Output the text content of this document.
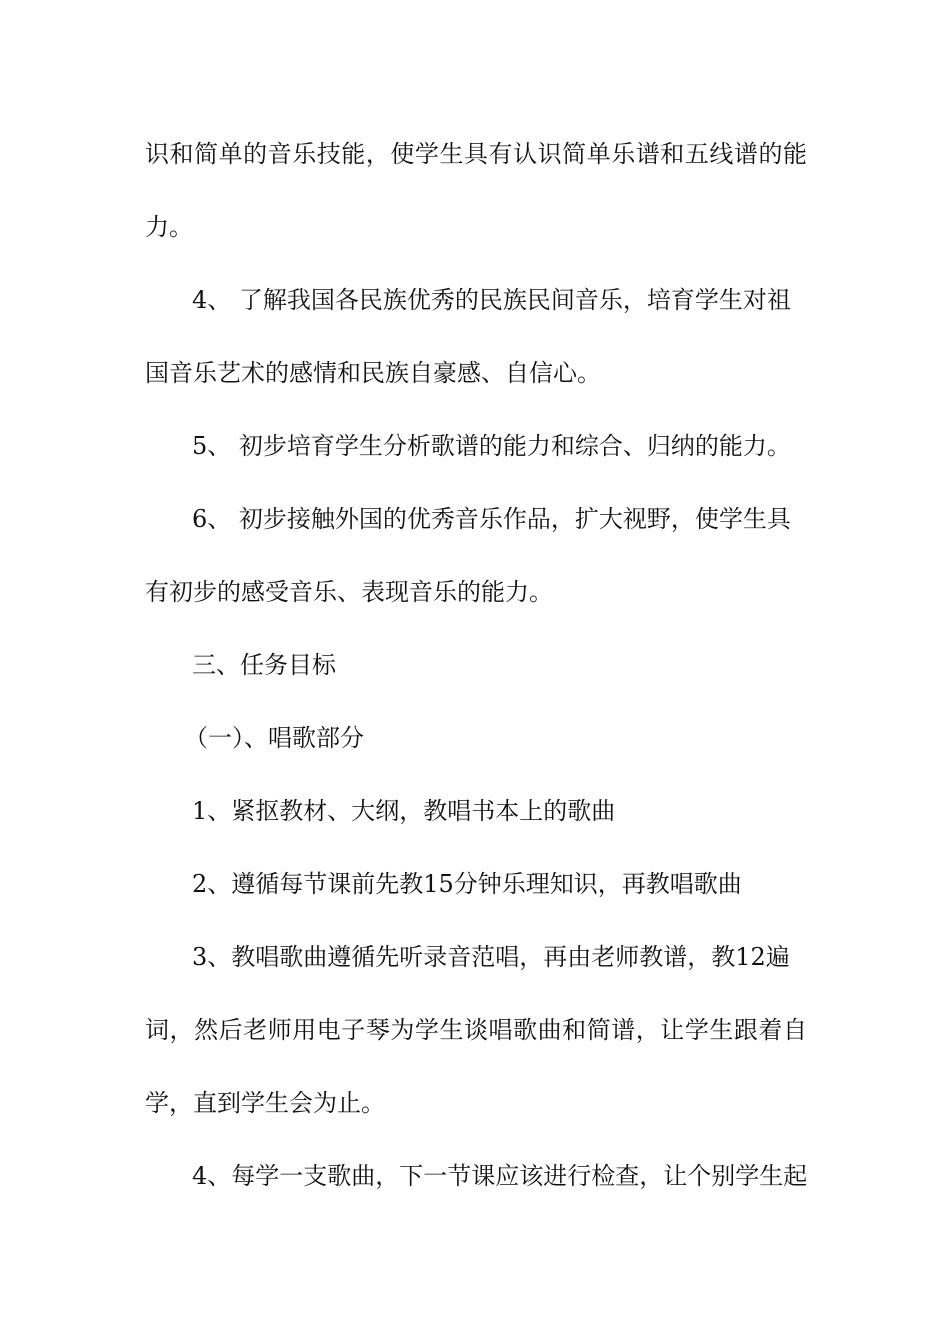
识和简单的音乐技能，使学生具有认识简单乐谱和五线谱的能

力。

4、 了解我国各民族优秀的民族民间音乐，培育学生对祖

国音乐艺术的感情和民族自豪感、自信心。

5、 初步培育学生分析歌谱的能力和综合、归纳的能力。

6、 初步接触外国的优秀音乐作品，扩大视野，使学生具

有初步的感受音乐、表现音乐的能力。

三、任务目标

（一）、唱歌部分

1、紧抠教材、大纲，教唱书本上的歌曲

2、遵循每节课前先教15分钟乐理知识，再教唱歌曲

3、教唱歌曲遵循先听录音范唱，再由老师教谱，教12遍

词，然后老师用电子琴为学生谈唱歌曲和简谱，让学生跟着自

学，直到学生会为止。

4、每学一支歌曲，下一节课应该进行检查，让个别学生起
